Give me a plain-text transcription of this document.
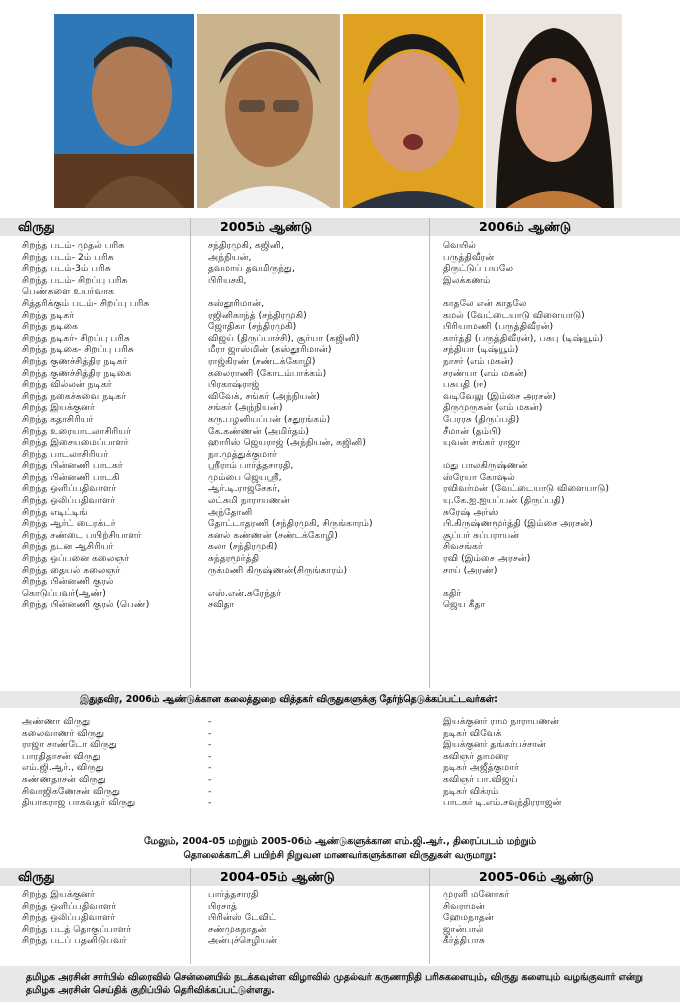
விருது	2005ம் ஆண்டு	2006ம் ஆண்டு
சிறந்த படம்- முதல் பரிசு	சந்திரமுகி, கஜினி,	வெயில்
சிறந்த படம்- 2ம் பரிசு	அந்நியன்,	பருத்திவீரன்
சிறந்த படம்-3ம் பரிசு	தவமாய் தவமிருந்து,	திருட்டுப் பயலே
சிறந்த படம்- சிறப்பு பரிசு	பிரியசகி,	இலக்கணம்
பெண்களை உயர்வாக
சித்தரிக்கும் படம்- சிறப்பு பரிசு	கஸ்தூரிமான்,	காதலே என் காதலே
சிறந்த நடிகர்	ரஜினிகாந்த் (சந்திரமுகி)	கமல் (வேட்டையாடு விளையாடு)
சிறந்த நடிகை	ஜோதிகா (சந்திரமுகி)	பிரியாமணி (பருத்திவீரன்)
சிறந்த நடிகர்- சிறப்பு பரிசு	விஜய் (திருப்பாச்சி), சூர்யா (கஜினி)	கார்த்தி (பருத்திவீரன்), பசுபு (டிஷ்யூம்)
சிறந்த நடிகை- சிறப்பு பரிசு	மீரா ஜாஸ்மின் (கஸ்தூரிமான்)	சந்தியா (டிஷ்யூம்)
சிறந்த குணச்சித்திர நடிகர்	ராஜ்கிரண் (சண்டக்கோழி)	நாசர் (எம் மகன்)
சிறந்த குணச்சித்திர நடிகை	கலைராணி (கோடம்பாக்கம்)	சரண்யா (எம் மகன்)
சிறந்த வில்லன் நடிகர்	பிரகாஷ்ராஜ்	பசுபதி (ஈ)
சிறந்த நகைச்சுவை நடிகர்	விவேக், சங்கர் (அந்நியன்)	வடிவேலு (இம்சை அரசன்)
சிறந்த இயக்குனர்	சங்கர் (அந்நியன்)	திருமுருகன் (எம் மகன்)
சிறந்த கதாசிரியர்	கரு.பழனியப்பன் (சதுரங்கம்)	பேரரசு (திருப்பதி)
சிறந்த உரையாடலாசிரியர்	கே.கண்ணன் (அமிர்தம்)	சீமான் (தம்பி)
சிறந்த இசையமைப்பாளர்	ஹாரிஸ் ஜெயராஜ் (அந்நியன், கஜினி)	யுவன் சங்கர் ராஜா
சிறந்த பாடலாசிரியர்	நா.முத்துக்குமார்
சிறந்த பின்னணி பாடகர்	ஸ்ரீராம் பார்த்தசாரதி,	மது பாலகிருஷ்ணன்
சிறந்த பின்னணி பாடகி	மும்பை ஜெயஸ்ரீ,	ஸ்ரேயா கோஷல்
சிறந்த ஒளிப்பதிவாளர்	ஆர்.டி.ராஜசேகர்,	ரவிவர்மன் (வேட்டையாடு விளையாடு)
சிறந்த ஒலிப்பதிவாளர்	லட்சுமி நாராயணன்	யு.கே.ஐ.ஐயப்பன் (திருப்பதி)
சிறந்த எடிட்டிங்	அந்தோனி	சுரேஷ் அர்ஸ்
சிறந்த ஆர்ட் டைரக்டர்	தோட்டாதரணி (சந்திரமுகி, சிருங்காரம்)	பி.கிருஷ்ணமூர்த்தி (இம்சை அரசன்)
சிறந்த சண்டை பயிற்சியாளர்	கனல் கண்ணன் (சண்டக்கோழி)	சூப்பர் சுப்பராயன்
சிறந்த நடன ஆசிரியர்	கலா (சந்திரமுகி)	சிவசங்கர்
சிறந்த ஒப்பனை கலைஞர்	சுந்தரமூர்த்தி	ரவி (இம்சை அரசன்)
சிறந்த தையல் கலைஞர்	ருக்மணி கிருஷ்ணன்(சிருங்காரம்)	சாய் (அரண்)
சிறந்த பின்னணி குரல்
கொடுப்பவர்(ஆண்)	எஸ்.என்.சுரேந்தர்	கதிர்
சிறந்த பின்னணி குரல் (பெண்)	சவிதா	ஜெய கீதா
இதுதவிர, 2006ம் ஆண்டுக்கான கலைத்துறை வித்தகர் விருதுகளுக்கு தேர்ந்தெடுக்கப்பட்டவர்கள்:
அண்ணா விருது	-	இயக்குனர் ராம நாராயணன்
கலைவாணர் விருது	-	நடிகர் விவேக்
ராஜா சாண்டோ விருது	-	இயக்குனர் தங்கர்பச்சான்
பாரதிதாசன் விருது	-	கவிஞர் தாமரை
எம்.ஜி.ஆர்., விருது	-	நடிகர் அஜீத்குமார்
கண்ணதாசன் விருது	-	கவிஞர் பா.விஜய்
சிவாஜிகணேசன் விருது	-	நடிகர் விக்ரம்
தியாகராஜ பாகவதர் விருது	-	பாடகர் டி.எம்.சவுந்திரராஜன்
மேலும், 2004-05 மற்றும் 2005-06ம் ஆண்டுகளுக்கான எம்.ஜி.ஆர்., திரைப்படம் மற்றும்
தொலைக்காட்சி பயிற்சி நிறுவன மாணவர்களுக்கான விருதுகள் வருமாறு:
விருது	2004-05ம் ஆண்டு	2005-06ம் ஆண்டு
சிறந்த இயக்குனர்	பார்த்தசாரதி	முரளி மனோகர்
சிறந்த ஒளிப்பதிவாளர்	பிரசாத்	சிவராமன்
சிறந்த ஒலிப்பதிவாளர்	பிரின்ஸ் டேவிட்	ஹேமநாதன்
சிறந்த படத் தொகுப்பாளர்	சண்முகநாதன்	ஜான்பால்
சிறந்த படப் பதனிடுபவர்	அன்புச்செழியன்	கீர்த்திபாசு
தமிழக அரசின் சார்பில் விரைவில் சென்னையில் நடக்கவுள்ள விழாவில் முதல்வர் கருணாநிதி பரிசுகளையும், விருது களையும் வழங்குவார் என்று தமிழக அரசின் செய்திக் குறிப்பில் தெரிவிக்கப்பட்டுள்ளது.
